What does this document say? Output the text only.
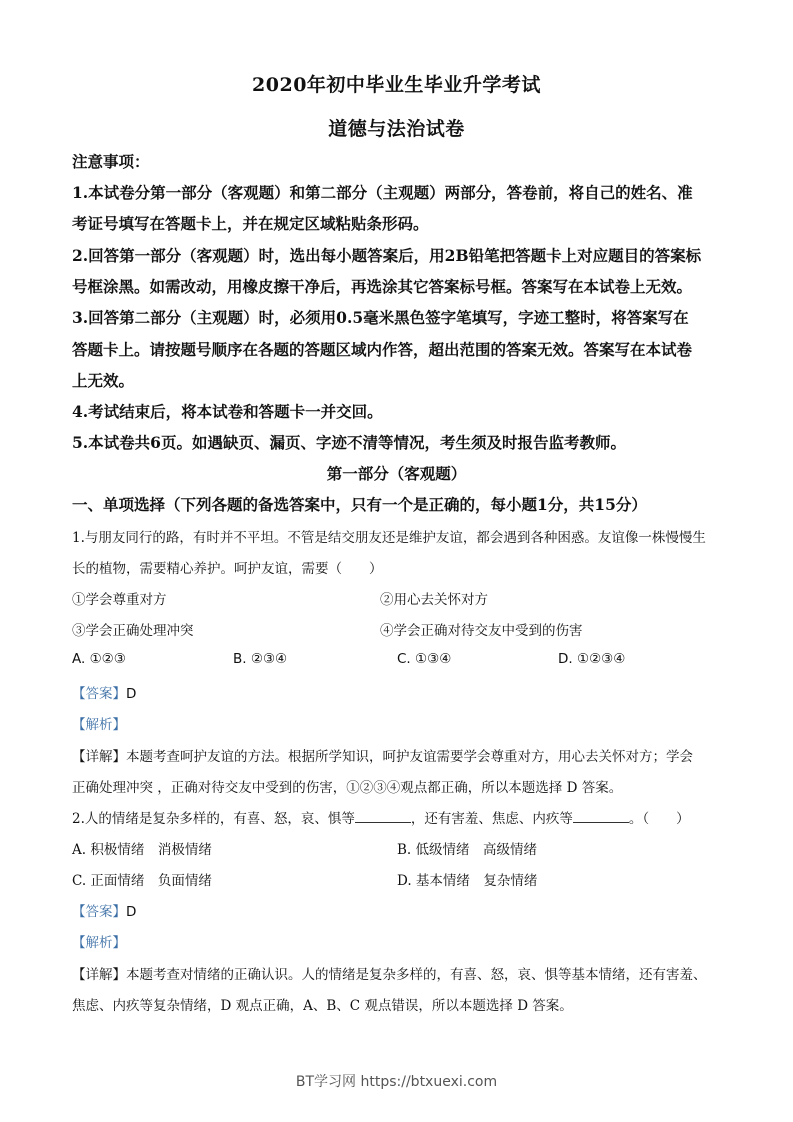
2020年初中毕业生毕业升学考试
道德与法治试卷
注意事项：
1.本试卷分第一部分（客观题）和第二部分（主观题）两部分，答卷前，将自己的姓名、准
考证号填写在答题卡上，并在规定区域粘贴条形码。
2.回答第一部分（客观题）时，选出每小题答案后，用2B铅笔把答题卡上对应题目的答案标
号框涂黑。如需改动，用橡皮擦干净后，再选涂其它答案标号框。答案写在本试卷上无效。
3.回答第二部分（主观题）时，必须用0.5毫米黑色签字笔填写，字迹工整时，将答案写在
答题卡上。请按题号顺序在各题的答题区域内作答，超出范围的答案无效。答案写在本试卷
上无效。
4.考试结束后，将本试卷和答题卡一并交回。
5.本试卷共6页。如遇缺页、漏页、字迹不清等情况，考生须及时报告监考教师。
第一部分（客观题）
一、单项选择（下列各题的备选答案中，只有一个是正确的，每小题1分，共15分）
1.与朋友同行的路，有时并不平坦。不管是结交朋友还是维护友谊，都会遇到各种困惑。友谊像一株慢慢生
长的植物，需要精心养护。呵护友谊，需要（　　）
①学会尊重对方	②用心去关怀对方
③学会正确处理冲突	④学会正确对待交友中受到的伤害
A. ①②③	B. ②③④	C. ①③④	D. ①②③④
【答案】D
【解析】
【详解】本题考查呵护友谊的方法。根据所学知识，呵护友谊需要学会尊重对方，用心去关怀对方；学会
正确处理冲突 ，正确对待交友中受到的伤害，①②③④观点都正确，所以本题选择 D 答案。
2.人的情绪是复杂多样的，有喜、怒，哀、惧等	，还有害羞、焦虑、内疚等	。（　　）
A. 积极情绪　消极情绪	B. 低级情绪　高级情绪
C. 正面情绪　负面情绪	D. 基本情绪　复杂情绪
【答案】D
【解析】
【详解】本题考查对情绪的正确认识。人的情绪是复杂多样的，有喜、怒，哀、惧等基本情绪，还有害羞、
焦虑、内疚等复杂情绪，D 观点正确，A、B、C 观点错误，所以本题选择 D 答案。
BT学习网 https://btxuexi.com
